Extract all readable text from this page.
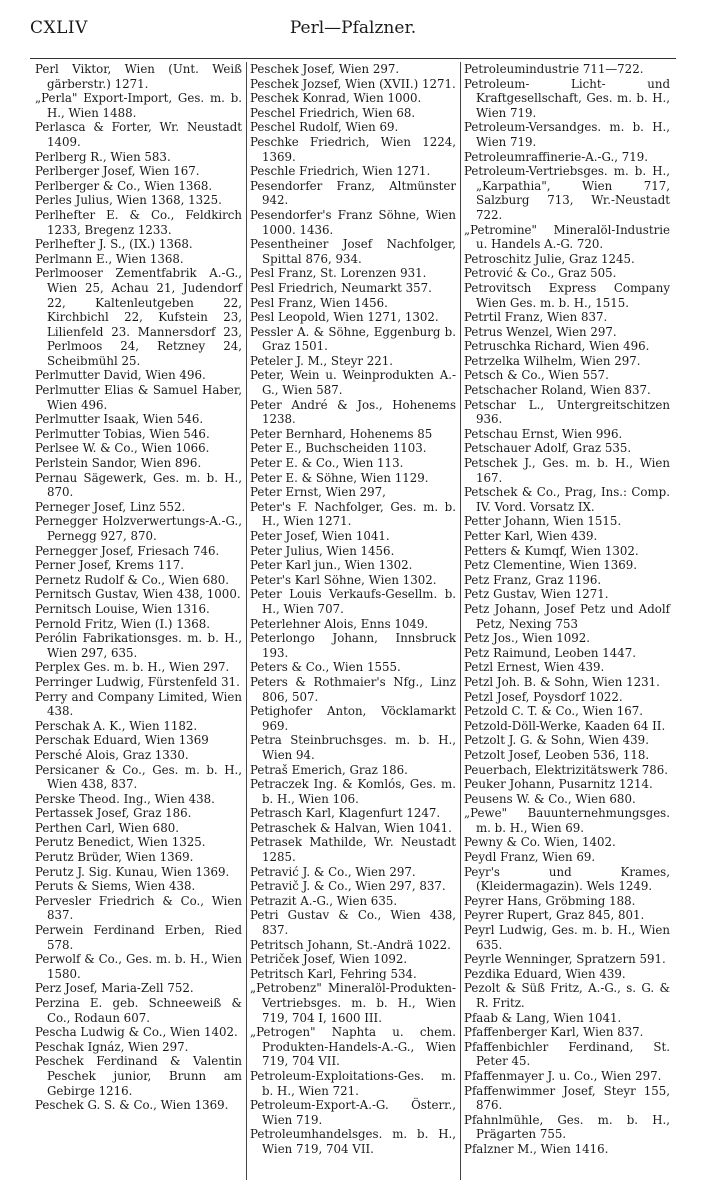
CXLIV	Perl—Pfalzner.

Perl Viktor, Wien (Unt. Weiß gärberstr.) 1271.

„Perla" Export-Import, Ges. m. b. H., Wien 1488.

Perlasca & Forter, Wr. Neustadt 1409.

Perlberg R., Wien 583.

Perlberger Josef, Wien 167.

Perlberger & Co., Wien 1368.

Perles Julius, Wien 1368, 1325.

Perlhefter E. & Co., Feldkirch 1233, Bregenz 1233.

Perlhefter J. S., (IX.) 1368.

Perlmann E., Wien 1368.

Perlmooser Zementfabrik A.-G., Wien 25, Achau 21, Judendorf 22, Kaltenleutgeben 22, Kirchbichl 22, Kufstein 23, Lilienfeld 23. Mannersdorf 23, Perlmoos 24, Retzney 24, Scheibmühl 25.

Perlmutter David, Wien 496.

Perlmutter Elias & Samuel Haber, Wien 496.

Perlmutter Isaak, Wien 546.

Perlmutter Tobias, Wien 546.

Perlsee W. & Co., Wien 1066.

Perlstein Sandor, Wien 896.

Pernau Sägewerk, Ges. m. b. H., 870.

Perneger Josef, Linz 552.

Pernegger Holzverwertungs-A.-G., Pernegg 927, 870.

Pernegger Josef, Friesach 746.

Perner Josef, Krems 117.

Pernetz Rudolf & Co., Wien 680.

Pernitsch Gustav, Wien 438, 1000.

Pernitsch Louise, Wien 1316.

Pernold Fritz, Wien (I.) 1368.

Perólin Fabrikationsges. m. b. H., Wien 297, 635.

Perplex Ges. m. b. H., Wien 297.

Perringer Ludwig, Fürstenfeld 31.

Perry and Company Limited, Wien 438.

Perschak A. K., Wien 1182.

Perschak Eduard, Wien 1369

Persché Alois, Graz 1330.

Persicaner & Co., Ges. m. b. H., Wien 438, 837.

Perske Theod. Ing., Wien 438.

Pertassek Josef, Graz 186.

Perthen Carl, Wien 680.

Perutz Benedict, Wien 1325.

Perutz Brüder, Wien 1369.

Perutz J. Sig. Kunau, Wien 1369.

Peruts & Siems, Wien 438.

Pervesler Friedrich & Co., Wien 837.

Perwein Ferdinand Erben, Ried 578.

Perwolf & Co., Ges. m. b. H., Wien 1580.

Perz Josef, Maria-Zell 752.

Perzina E. geb. Schneeweiß & Co., Rodaun 607.

Pescha Ludwig & Co., Wien 1402.

Peschak Ignáz, Wien 297.

Peschek Ferdinand & Valentin Peschek junior, Brunn am Gebirge 1216.

Peschek G. S. & Co., Wien 1369.

Peschek Josef, Wien 297.

Peschek Jozsef, Wien (XVII.) 1271.

Peschek Konrad, Wien 1000.

Peschel Friedrich, Wien 68.

Peschel Rudolf, Wien 69.

Peschke Friedrich, Wien 1224, 1369.

Peschle Friedrich, Wien 1271.

Pesendorfer Franz, Altmünster 942.

Pesendorfer's Franz Söhne, Wien 1000. 1436.

Pesentheiner Josef Nachfolger, Spittal 876, 934.

Pesl Franz, St. Lorenzen 931.

Pesl Friedrich, Neumarkt 357.

Pesl Franz, Wien 1456.

Pesl Leopold, Wien 1271, 1302.

Pessler A. & Söhne, Eggenburg b. Graz 1501.

Peteler J. M., Steyr 221.

Peter, Wein u. Weinprodukten A.-G., Wien 587.

Peter André & Jos., Hohenems 1238.

Peter Bernhard, Hohenems 85

Peter E., Buchscheiden 1103.

Peter E. & Co., Wien 113.

Peter E. & Söhne, Wien 1129.

Peter Ernst, Wien 297,

Peter's F. Nachfolger, Ges. m. b. H., Wien 1271.

Peter Josef, Wien 1041.

Peter Julius, Wien 1456.

Peter Karl jun., Wien 1302.

Peter's Karl Söhne, Wien 1302.

Peter Louis Verkaufs-Gesellm. b. H., Wien 707.

Peterlehner Alois, Enns 1049.

Peterlongo Johann, Innsbruck 193.

Peters & Co., Wien 1555.

Peters & Rothmaier's Nfg., Linz 806, 507.

Petighofer Anton, Vöcklamarkt 969.

Petra Steinbruchsges. m. b. H., Wien 94.

Petraš Emerich, Graz 186.

Petraczek Ing. & Komlós, Ges. m. b. H., Wien 106.

Petrasch Karl, Klagenfurt 1247.

Petraschek & Halvan, Wien 1041.

Petrasek Mathilde, Wr. Neustadt 1285.

Petravić J. & Co., Wien 297.

Petravič J. & Co., Wien 297, 837.

Petrazit A.-G., Wien 635.

Petri Gustav & Co., Wien 438, 837.

Petritsch Johann, St.-Andrä 1022.

Petriček Josef, Wien 1092.

Petritsch Karl, Fehring 534.

„Petrobenz" Mineralöl-Produkten-Vertriebsges. m. b. H., Wien 719, 704 I, 1600 III.

„Petrogen" Naphta u. chem. Produkten-Handels-A.-G., Wien 719, 704 VII.

Petroleum-Exploitations-Ges. m. b. H., Wien 721.

Petroleum-Export-A.-G. Österr., Wien 719.

Petroleumhandelsges. m. b. H., Wien 719, 704 VII.

Petroleumindustrie 711—722.

Petroleum- Licht- und Kraftgesellschaft, Ges. m. b. H., Wien 719.

Petroleum-Versandges. m. b. H., Wien 719.

Petroleumraffinerie-A.-G., 719.

Petroleum-Vertriebsges. m. b. H., „Karpathia", Wien 717, Salzburg 713, Wr.-Neustadt 722.

„Petromine" Mineralöl-Industrie u. Handels A.-G. 720.

Petroschitz Julie, Graz 1245.

Petrović & Co., Graz 505.

Petrovitsch Express Company Wien Ges. m. b. H., 1515.

Petrtil Franz, Wien 837.

Petrus Wenzel, Wien 297.

Petruschka Richard, Wien 496.

Petrzelka Wilhelm, Wien 297.

Petsch & Co., Wien 557.

Petschacher Roland, Wien 837.

Petschar L., Untergreitschitzen 936.

Petschau Ernst, Wien 996.

Petschauer Adolf, Graz 535.

Petschek J., Ges. m. b. H., Wien 167.

Petschek & Co., Prag, Ins.: Comp. IV. Vord. Vorsatz IX.

Petter Johann, Wien 1515.

Petter Karl, Wien 439.

Petters & Kumqf, Wien 1302.

Petz Clementine, Wien 1369.

Petz Franz, Graz 1196.

Petz Gustav, Wien 1271.

Petz Johann, Josef Petz und Adolf Petz, Nexing 753

Petz Jos., Wien 1092.

Petz Raimund, Leoben 1447.

Petzl Ernest, Wien 439.

Petzl Joh. B. & Sohn, Wien 1231.

Petzl Josef, Poysdorf 1022.

Petzold C. T. & Co., Wien 167.

Petzold-Döll-Werke, Kaaden 64 II.

Petzolt J. G. & Sohn, Wien 439.

Petzolt Josef, Leoben 536, 118.

Peuerbach, Elektrizitätswerk 786.

Peuker Johann, Pusarnitz 1214.

Peusens W. & Co., Wien 680.

„Pewe" Bauunternehmungsges. m. b. H., Wien 69.

Pewny & Co. Wien, 1402.

Peydl Franz, Wien 69.

Peyr's und Krames, (Kleidermagazin). Wels 1249.

Peyrer Hans, Gröbming 188.

Peyrer Rupert, Graz 845, 801.

Peyrl Ludwig, Ges. m. b. H., Wien 635.

Peyrle Wenninger, Spratzern 591.

Pezdika Eduard, Wien 439.

Pezolt & Süß Fritz, A.-G., s. G. & R. Fritz.

Pfaab & Lang, Wien 1041.

Pfaffenberger Karl, Wien 837.

Pfaffenbichler Ferdinand, St. Peter 45.

Pfaffenmayer J. u. Co., Wien 297.

Pfaffenwimmer Josef, Steyr 155, 876.

Pfahnlmühle, Ges. m. b. H., Prägarten 755.

Pfalzner M., Wien 1416.
